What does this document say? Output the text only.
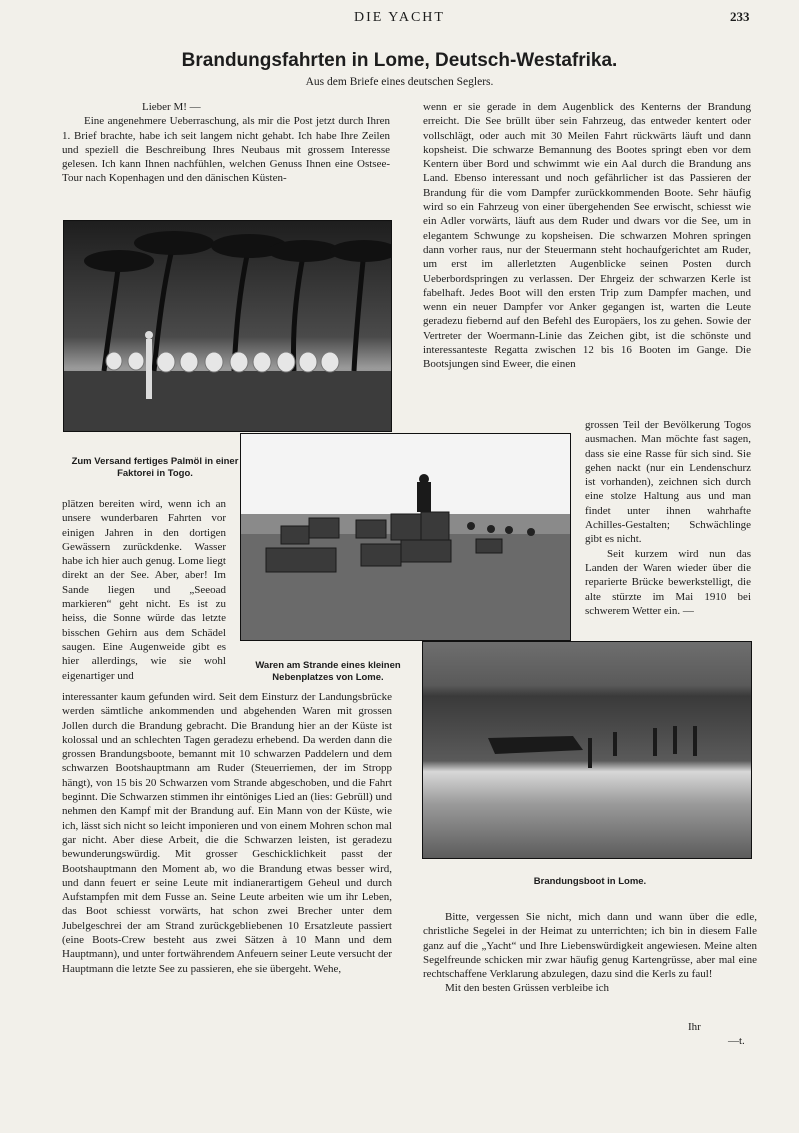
DIE YACHT	233
Brandungsfahrten in Lome, Deutsch-Westafrika.
Aus dem Briefe eines deutschen Seglers.

Lieber M! —

Eine angenehmere Ueberraschung, als mir die Post jetzt durch Ihren 1. Brief brachte, habe ich seit langem nicht gehabt. Ich habe Ihre Zeilen und speziell die Beschreibung Ihres Neubaus mit grossem Interesse gelesen. Ich kann Ihnen nachfühlen, welchen Genuss Ihnen eine Ostsee-Tour nach Kopenhagen und den dänischen Küsten-

Zum Versand fertiges Palmöl in einer Faktorei in Togo.
Waren am Strande eines kleinen Nebenplatzes von Lome.
plätzen bereiten wird, wenn ich an unsere wunderbaren Fahrten vor einigen Jahren in den dortigen Gewässern zurückdenke. Wasser habe ich hier auch genug. Lome liegt direkt an der See. Aber, aber! Im Sande liegen und „Seeoad markieren“ geht nicht. Es ist zu heiss, die Sonne würde das letzte bisschen Gehirn aus dem Schädel saugen. Eine Augenweide gibt es hier allerdings, wie sie wohl eigenartiger und
interessanter kaum gefunden wird. Seit dem Einsturz der Landungsbrücke werden sämtliche ankommenden und abgehenden Waren mit grossen Jollen durch die Brandung gebracht. Die Brandung hier an der Küste ist kolossal und an schlechten Tagen geradezu erhebend. Da werden dann die grossen Brandungsboote, bemannt mit 10 schwarzen Paddelern und dem schwarzen Bootshauptmann am Ruder (Steuerriemen, der im Stropp hängt), von 15 bis 20 Schwarzen vom Strande abgeschoben, und die Fahrt beginnt. Die Schwarzen stimmen ihr eintöniges Lied an (lies: Gebrüll) und nehmen den Kampf mit der Brandung auf. Ein Mann von der Küste, wie ich, lässt sich nicht so leicht imponieren und von einem Mohren schon mal gar nicht. Aber diese Arbeit, die die Schwarzen leisten, ist geradezu bewunderungswürdig. Mit grosser Geschicklichkeit passt der Bootshauptmann den Moment ab, wo die Brandung etwas besser wird, und dann feuert er seine Leute mit indianerartigem Geheul und durch Aufstampfen mit dem Fusse an. Seine Leute arbeiten wie um ihr Leben, das Boot schiesst vorwärts, hat schon zwei Brecher unter dem Jubelgeschrei der am Strand zurückgebliebenen 10 Ersatzleute passiert (eine Boots-Crew besteht aus zwei Sätzen à 10 Mann und dem Hauptmann), und unter fortwährendem Anfeuern seiner Leute versucht der Hauptmann die letzte See zu passieren, ehe sie übergeht. Wehe,
wenn er sie gerade in dem Augenblick des Kenterns der Brandung erreicht. Die See brüllt über sein Fahrzeug, das entweder kentert oder vollschlägt, oder auch mit 30 Meilen Fahrt rückwärts läuft und dann kopsheist. Die schwarze Bemannung des Bootes springt eben vor dem Kentern über Bord und schwimmt wie ein Aal durch die Brandung ans Land. Ebenso interessant und noch gefährlicher ist das Passieren der Brandung für die vom Dampfer zurückkommenden Boote. Sehr häufig wird so ein Fahrzeug von einer übergehenden See erwischt, schiesst wie ein Adler vorwärts, läuft aus dem Ruder und dwars vor die See, um in elegantem Schwunge zu kopsheisen. Die schwarzen Mohren springen dann vorher raus, nur der Steuermann steht hochaufgerichtet am Ruder, um erst im allerletzten Augenblicke seinen Posten durch Ueberbordspringen zu verlassen. Der Ehrgeiz der schwarzen Kerle ist fabelhaft. Jedes Boot will den ersten Trip zum Dampfer machen, und wenn ein neuer Dampfer vor Anker gegangen ist, warten die Leute geradezu fiebernd auf den Befehl des Europäers, los zu gehen. Sowie der Vertreter der Woermann-Linie das Zeichen gibt, ist die schönste und interessanteste Regatta zwischen 12 bis 16 Booten im Gange. Die Bootsjungen sind Eweer, die einen

grossen Teil der Bevölkerung Togos ausmachen. Man möchte fast sagen, dass sie eine Rasse für sich sind. Sie gehen nackt (nur ein Lendenschurz ist vorhanden), zeichnen sich durch eine stolze Haltung aus und man findet unter ihnen wahrhafte Achilles-Gestalten; Schwächlinge gibt es nicht.

Seit kurzem wird nun das Landen der Waren wieder über die reparierte Brücke bewerkstelligt, die alte stürzte im Mai 1910 bei schwerem Wetter ein. —

Brandungsboot in Lome.

Bitte, vergessen Sie nicht, mich dann und wann über die edle, christliche Segelei in der Heimat zu unterrichten; ich bin in diesem Falle ganz auf die „Yacht“ und Ihre Liebenswürdigkeit angewiesen. Meine alten Segelfreunde schicken mir zwar häufig genug Kartengrüsse, aber mal eine rechtschaffene Verklarung abzulegen, dazu sind die Kerls zu faul!

Mit den besten Grüssen verbleibe ich

Ihr
—t.
